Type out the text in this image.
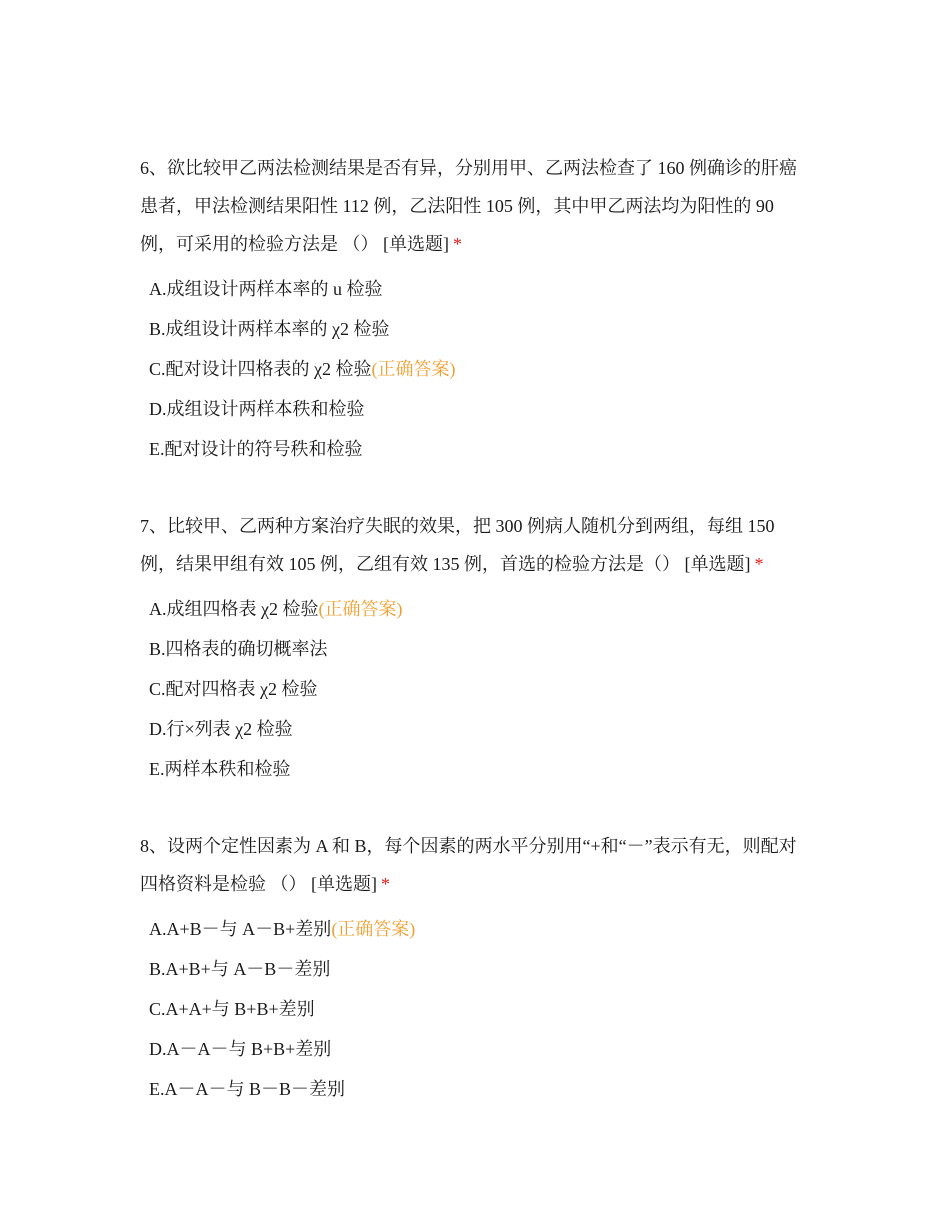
6、欲比较甲乙两法检测结果是否有异，分别用甲、乙两法检查了 160 例确诊的肝癌患者，甲法检测结果阳性 112 例，乙法阳性 105 例，其中甲乙两法均为阳性的 90 例，可采用的检验方法是 （） [单选题] *

A.成组设计两样本率的 u 检验
B.成组设计两样本率的 χ2 检验
C.配对设计四格表的 χ2 检验(正确答案)
D.成组设计两样本秩和检验
E.配对设计的符号秩和检验

7、比较甲、乙两种方案治疗失眠的效果，把 300 例病人随机分到两组，每组 150 例，结果甲组有效 105 例，乙组有效 135 例，首选的检验方法是（） [单选题] *

A.成组四格表 χ2 检验(正确答案)
B.四格表的确切概率法
C.配对四格表 χ2 检验
D.行×列表 χ2 检验
E.两样本秩和检验

8、设两个定性因素为 A 和 B，每个因素的两水平分别用“+和“－”表示有无，则配对四格资料是检验 （） [单选题] *

A.A+B－与 A－B+差别(正确答案)
B.A+B+与 A－B－差别
C.A+A+与 B+B+差别
D.A－A－与 B+B+差别
E.A－A－与 B－B－差别
